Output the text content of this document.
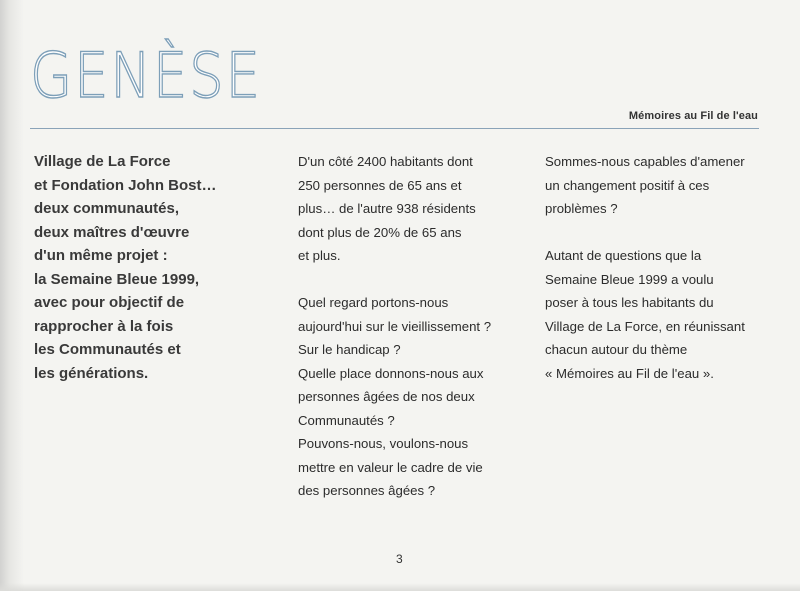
GENÈSE
Mémoires au Fil de l'eau
Village de La Force
et Fondation John Bost…
deux communautés,
deux maîtres d'œuvre
d'un même projet :
la Semaine Bleue 1999,
avec pour objectif de
rapprocher à la fois
les Communautés et
les générations.

D'un côté 2400 habitants dont
250 personnes de 65 ans et
plus… de l'autre 938 résidents
dont plus de 20% de 65 ans
et plus.

Quel regard portons-nous
aujourd'hui sur le vieillissement ?
Sur le handicap ?
Quelle place donnons-nous aux
personnes âgées de nos deux
Communautés ?
Pouvons-nous, voulons-nous
mettre en valeur le cadre de vie
des personnes âgées ?

Sommes-nous capables d'amener
un changement positif à ces
problèmes ?

Autant de questions que la
Semaine Bleue 1999 a voulu
poser à tous les habitants du
Village de La Force, en réunissant
chacun autour du thème
« Mémoires au Fil de l'eau ».

3
